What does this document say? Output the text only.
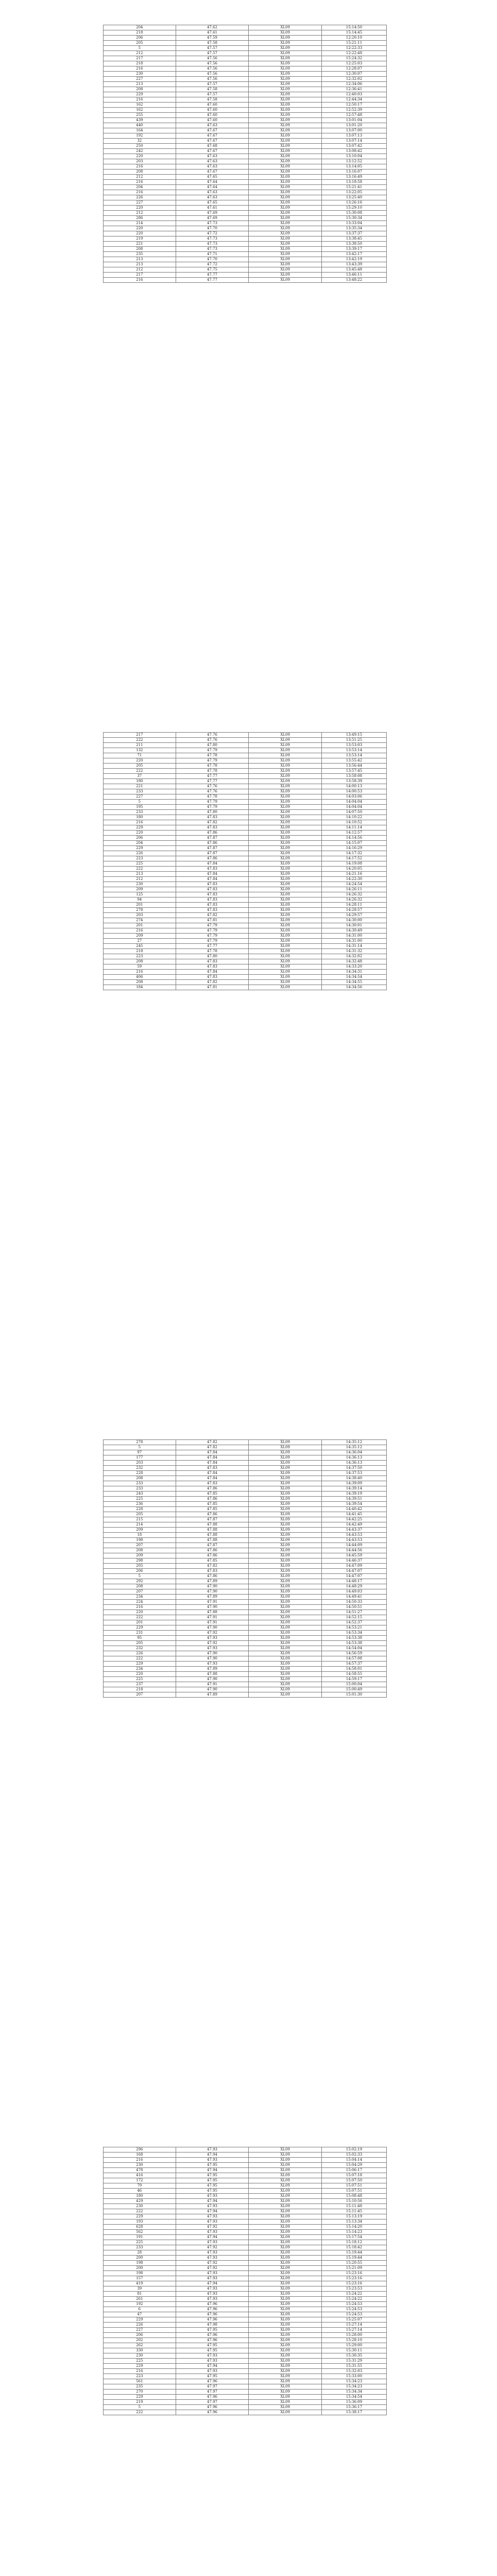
204	47.62	XL09	15:14:50
218	47.61	XL09	15:14:45
206	47.59	XL09	12:20:10
205	47.58	XL09	15:21:11
5	47.57	XL09	12:22:33
212	47.57	XL09	12:22:48
217	47.56	XL09	15:24:32
218	47.56	XL09	12:25:03
216	47.56	XL09	12:28:07
230	47.56	XL09	12:30:07
227	47.56	XL09	12:32:02
213	47.57	XL09	12:34:06
208	47.58	XL09	12:36:41
229	47.57	XL09	12:40:03
216	47.58	XL09	12:44:34
162	47.60	XL09	12:50:17
162	47.60	XL09	12:52:39
255	47.60	XL09	12:57:48
439	47.60	XL09	13:01:04
440	47.63	XL09	13:01:20
164	47.67	XL09	13:07:00
192	47.67	XL09	13:07:13
32	47.67	XL09	13:07:14
250	47.68	XL09	13:07:42
242	47.67	XL09	13:08:42
220	47.63	XL09	13:10:04
203	47.63	XL09	13:12:52
216	47.63	XL09	13:14:05
208	47.67	XL09	13:16:07
212	47.65	XL09	13:16:49
216	47.64	XL09	13:18:58
204	47.64	XL09	15:21:41
216	47.63	XL09	13:22:05
226	47.63	XL09	13:25:40
227	47.65	XL09	13:26:16
220	47.61	XL09	15:29:10
212	47.69	XL09	15:30:08
286	47.69	XL09	15:30:34
214	47.73	XL09	13:33:04
220	47.70	XL09	13:35:34
220	47.72	XL09	13:37:37
219	47.73	XL09	13:38:45
221	47.73	XL09	13:38:50
208	47.73	XL09	13:39:17
235	47.71	XL09	13:42:17
213	47.70	XL09	13:42:19
213	47.72	XL09	13:43:39
212	47.75	XL09	13:45:48
217	47.77	XL09	13:46:11
216	47.77	XL09	13:48:22
217	47.76	XL09	13:49:15
222	47.76	XL09	13:51:25
211	47.80	XL09	13:53:03
132	47.79	XL09	13:53:14
71	47.78	XL09	13:53:14
220	47.79	XL09	13:55:42
205	47.78	XL09	13:56:44
222	47.78	XL09	13:57:45
37	47.77	XL09	13:58:08
180	47.77	XL09	13:58:39
221	47.76	XL09	14:00:13
233	47.76	XL09	14:00:53
227	47.78	XL09	14:03:06
5	47.79	XL09	14:04:04
195	47.79	XL09	14:04:04
233	47.80	XL09	14:07:50
180	47.83	XL09	14:10:22
216	47.82	XL09	14:10:52
229	47.83	XL09	14:11:14
220	47.86	XL09	14:12:57
206	47.87	XL09	14:14:56
204	47.86	XL09	14:15:07
229	47.87	XL09	14:16:29
226	47.87	XL09	14:17:32
223	47.86	XL09	14:17:52
225	47.84	XL09	14:19:08
222	47.83	XL09	14:20:05
213	47.84	XL09	14:21:16
212	47.84	XL09	14:22:30
230	47.83	XL09	14:24:54
209	47.83	XL09	14:26:11
125	47.83	XL09	14:26:32
94	47.83	XL09	14:26:32
201	47.83	XL09	14:28:11
278	47.83	XL09	14:28:57
203	47.82	XL09	14:29:57
274	47.81	XL09	14:30:00
201	47.79	XL09	14:30:01
216	47.79	XL09	14:30:49
209	47.79	XL09	14:31:00
27	47.79	XL09	14:31:00
245	47.77	XL09	14:31:14
218	47.78	XL09	14:31:32
223	47.80	XL09	14:32:02
208	47.83	XL09	14:32:48
59	47.83	XL09	14:33:20
216	47.84	XL09	14:34:31
406	47.83	XL09	14:34:54
208	47.82	XL09	14:34:55
184	47.81	XL09	14:34:56
278	47.82	XL09	14:35:12
5	47.82	XL09	14:35:12
97	47.84	XL09	14:36:04
177	47.84	XL09	14:36:13
203	47.84	XL09	14:36:13
232	47.83	XL09	14:37:50
228	47.84	XL09	14:37:53
208	47.84	XL09	14:38:40
233	47.83	XL09	14:39:09
233	47.86	XL09	14:39:14
243	47.85	XL09	14:39:19
225	47.86	XL09	14:39:51
236	47.85	XL09	14:39:54
228	47.85	XL09	14:40:42
205	47.86	XL09	14:41:45
215	47.87	XL09	14:42:25
214	47.88	XL09	14:42:49
209	47.88	XL09	14:43:37
18	47.88	XL09	14:43:53
198	47.88	XL09	14:43:53
207	47.87	XL09	14:44:09
208	47.86	XL09	14:44:56
209	47.86	XL09	14:45:59
298	47.85	XL09	14:46:37
205	47.82	XL09	14:47:09
206	47.83	XL09	14:47:07
5	47.86	XL09	14:47:07
292	47.89	XL09	14:48:17
208	47.90	XL09	14:48:29
207	47.90	XL09	14:49:03
234	47.89	XL09	14:49:41
224	47.91	XL09	14:50:33
216	47.90	XL09	14:50:51
220	47.88	XL09	14:51:27
222	47.91	XL09	14:52:15
201	47.91	XL09	14:52:37
229	47.90	XL09	14:53:21
231	47.92	XL09	14:53:34
95	47.93	XL09	14:53:38
205	47.92	XL09	14:53:38
232	47.93	XL09	14:54:04
226	47.90	XL09	14:56:59
222	47.90	XL09	14:57:08
229	47.93	XL09	14:57:37
234	47.89	XL09	14:58:01
220	47.88	XL09	14:58:55
225	47.90	XL09	14:59:17
237	47.91	XL09	15:00:04
218	47.90	XL09	15:00:49
207	47.89	XL09	15:01:30
296	47.93	XL09	15:02:19
168	47.94	XL09	15:02:33
216	47.93	XL09	15:04:14
230	47.95	XL09	15:04:29
478	47.94	XL09	15:06:17
416	47.95	XL09	15:07:18
172	47.95	XL09	15:07:50
79	47.95	XL09	15:07:51
46	47.95	XL09	15:07:51
180	47.93	XL09	15:08:48
429	47.94	XL09	15:10:56
230	47.93	XL09	15:11:48
222	47.94	XL09	15:11:45
229	47.93	XL09	15:13:19
193	47.93	XL09	15:13:34
628	47.92	XL09	15:14:20
562	47.93	XL09	15:14:23
191	47.94	XL09	15:17:54
225	47.93	XL09	15:18:12
233	47.92	XL09	15:18:42
28	47.93	XL09	15:19:44
200	47.93	XL09	15:19:44
198	47.92	XL09	15:20:55
200	47.92	XL09	15:21:09
198	47.93	XL09	15:23:16
157	47.93	XL09	15:23:16
419	47.94	XL09	15:23:16
39	47.93	XL09	15:23:53
81	47.93	XL09	15:24:22
261	47.93	XL09	15:24:22
192	47.96	XL09	15:24:53
6	47.96	XL09	15:24:53
47	47.96	XL09	15:24:53
229	47.96	XL09	15:25:07
226	47.98	XL09	15:27:14
227	47.95	XL09	15:27:14
206	47.96	XL09	15:28:00
202	47.96	XL09	15:28:10
262	47.95	XL09	15:29:00
330	47.95	XL09	15:30:11
230	47.93	XL09	15:30:35
225	47.93	XL09	15:31:29
229	47.94	XL09	15:31:55
216	47.93	XL09	15:32:03
223	47.95	XL09	15:33:00
561	47.96	XL09	15:34:23
235	47.97	XL09	15:34:23
270	47.97	XL09	15:34:34
229	47.96	XL09	15:34:54
219	47.97	XL09	15:36:09
5	47.96	XL09	15:36:17
222	47.96	XL09	15:38:17
